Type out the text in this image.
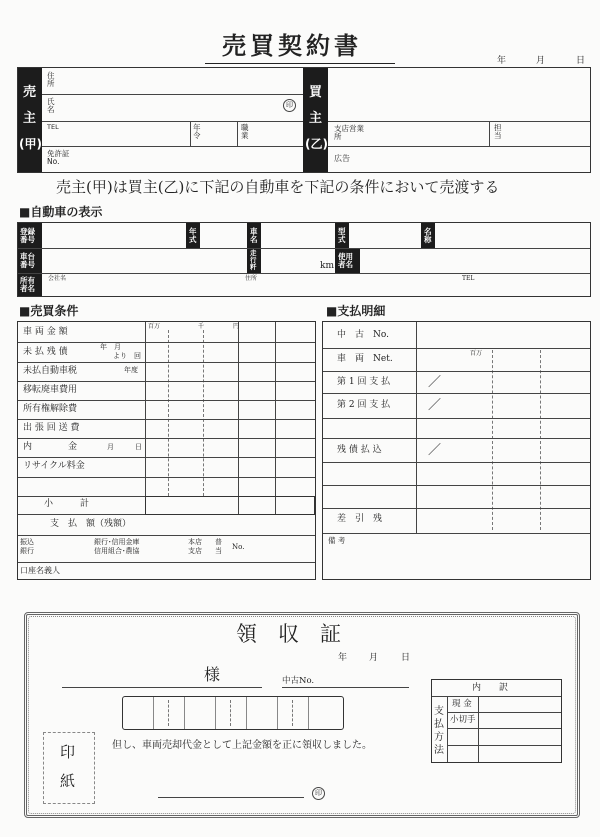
売買契約書
年	月	日
売
主
(甲)
住所
氏名	印
TEL	年令
職業
免許証No.
買
主
(乙)
支店営業所
担当
広告
売主(甲)は買主(乙)に下記の自動車を下記の条件において売渡する
■自動車の表示
登録番号
年式
車名
型式
名称
車台番号
走行粁	km
使用者名
所有者名
会社名	住所	TEL
■売買条件
百万	千	円
車 両 金 額
未 払 残 債	年　月
より　回
未払自動車税	年度
移転廃車費用
所有権解除費
出 張 回 送 費
内　　　　金	月	日
リサイクル料金
小　　　計
支　払　額（残額）
振込
銀行
銀行･信用金庫
信用組合･農協
本店
支店
普
当 No.
口座名義人
■支払明細
百万
中　古　No.
車　両　Net.
第 1 回 支 払	／
第 2 回 支 払	／
残 債 払 込	／
差　引　残
備 考
領　収　証
年 月	日
様	中古No.
内　　訳
支払方法
現 金
小切手
印
紙
但し、車両売却代金として上記金額を正に領収しました。
印
